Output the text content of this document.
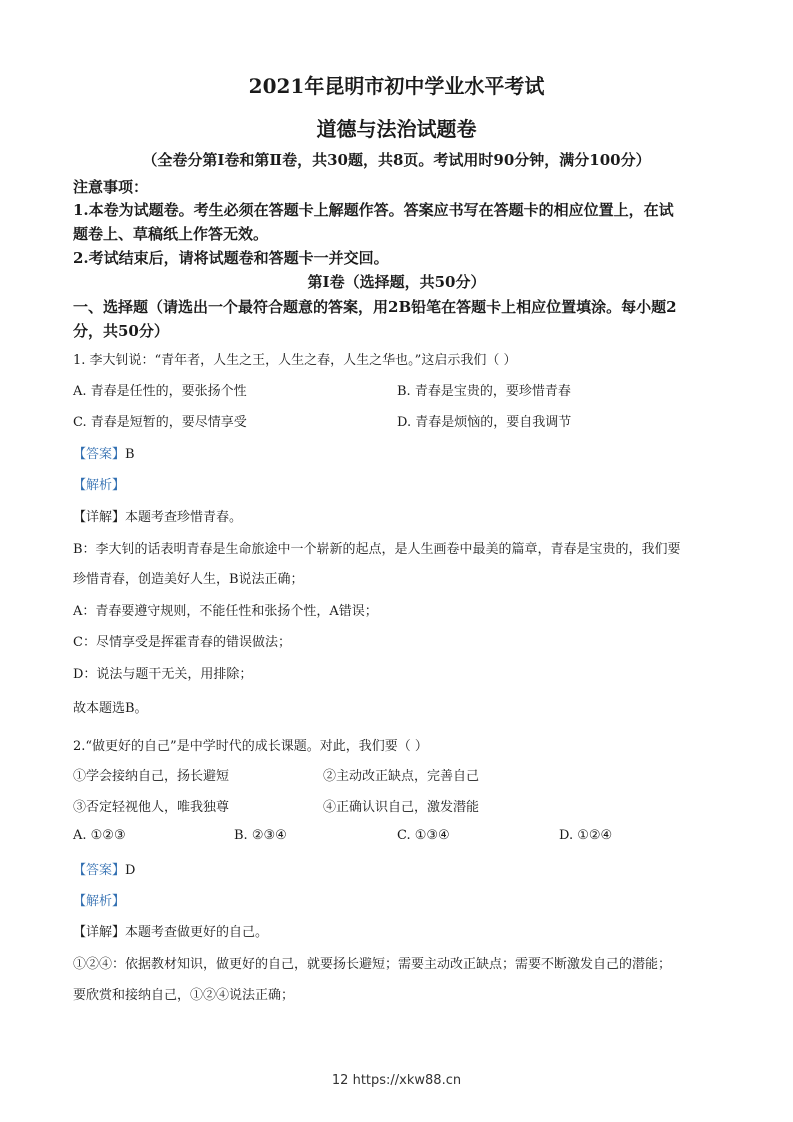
2021年昆明市初中学业水平考试
道德与法治试题卷
（全卷分第Ⅰ卷和第Ⅱ卷，共30题，共8页。考试用时90分钟，满分100分）
注意事项：
1.本卷为试题卷。考生必须在答题卡上解题作答。答案应书写在答题卡的相应位置上，在试
题卷上、草稿纸上作答无效。
2.考试结束后，请将试题卷和答题卡一并交回。
第Ⅰ卷（选择题，共50分）
一、选择题（请选出一个最符合题意的答案，用2B铅笔在答题卡上相应位置填涂。每小题2
分，共50分）
1. 李大钊说：“青年者，人生之王，人生之春，人生之华也。”这启示我们（ ）
A. 青春是任性的，要张扬个性	B. 青春是宝贵的，要珍惜青春
C. 青春是短暂的，要尽情享受	D. 青春是烦恼的，要自我调节
【答案】B
【解析】
【详解】本题考查珍惜青春。
B：李大钊的话表明青春是生命旅途中一个崭新的起点，是人生画卷中最美的篇章，青春是宝贵的，我们要
珍惜青春，创造美好人生，B说法正确；
A：青春要遵守规则，不能任性和张扬个性，A错误；
C：尽情享受是挥霍青春的错误做法；
D：说法与题干无关，用排除；
故本题选B。
2.“做更好的自己”是中学时代的成长课题。对此，我们要（ ）
①学会接纳自己，扬长避短	②主动改正缺点，完善自己
③否定轻视他人，唯我独尊	④正确认识自己，激发潜能
A. ①②③	B. ②③④	C. ①③④	D. ①②④
【答案】D
【解析】
【详解】本题考查做更好的自己。
①②④：依据教材知识，做更好的自己，就要扬长避短；需要主动改正缺点；需要不断激发自己的潜能；
要欣赏和接纳自己，①②④说法正确；
12 https://xkw88.cn
